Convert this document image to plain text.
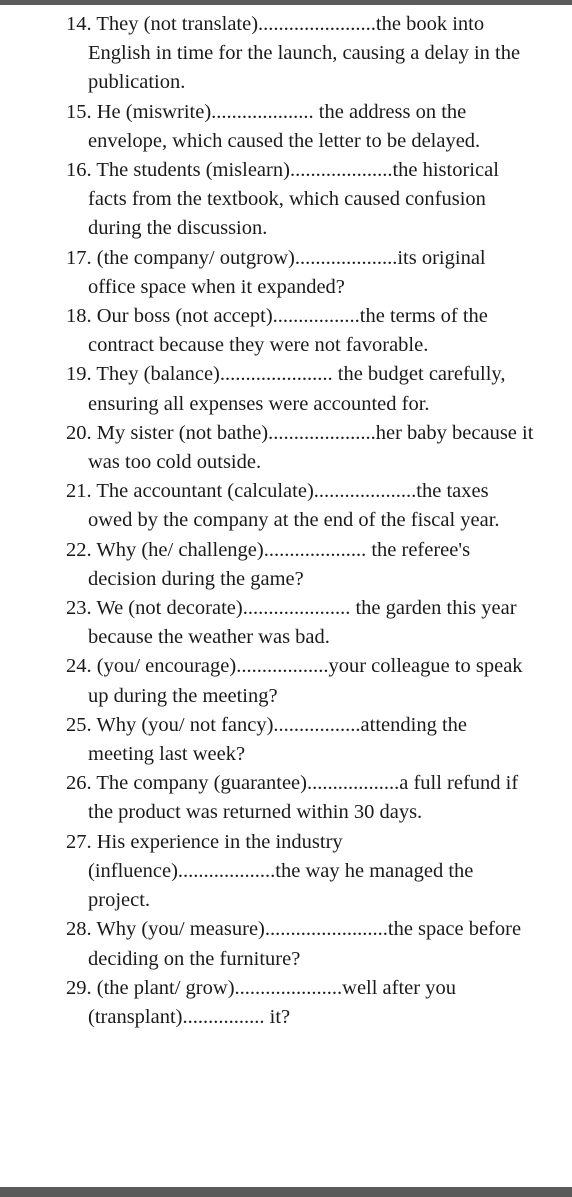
14. They (not translate).......................the book into English in time for the launch, causing a delay in the publication.
15. He (miswrite).................... the address on the envelope, which caused the letter to be delayed.
16. The students (mislearn)....................the historical facts from the textbook, which caused confusion during the discussion.
17. (the company/ outgrow)....................its original office space when it expanded?
18. Our boss (not accept).................the terms of the contract because they were not favorable.
19. They (balance)...................... the budget carefully, ensuring all expenses were accounted for.
20. My sister (not bathe).....................her baby because it was too cold outside.
21. The accountant (calculate)....................the taxes owed by the company at the end of the fiscal year.
22. Why (he/ challenge).................... the referee's decision during the game?
23. We (not decorate)..................... the garden this year because the weather was bad.
24. (you/ encourage)..................your colleague to speak up during the meeting?
25. Why (you/ not fancy).................attending the meeting last week?
26. The company (guarantee)..................a full refund if the product was returned within 30 days.
27. His experience in the industry (influence)...................the way he managed the project.
28. Why (you/ measure)........................the space before deciding on the furniture?
29. (the plant/ grow).....................well after you (transplant)................ it?
